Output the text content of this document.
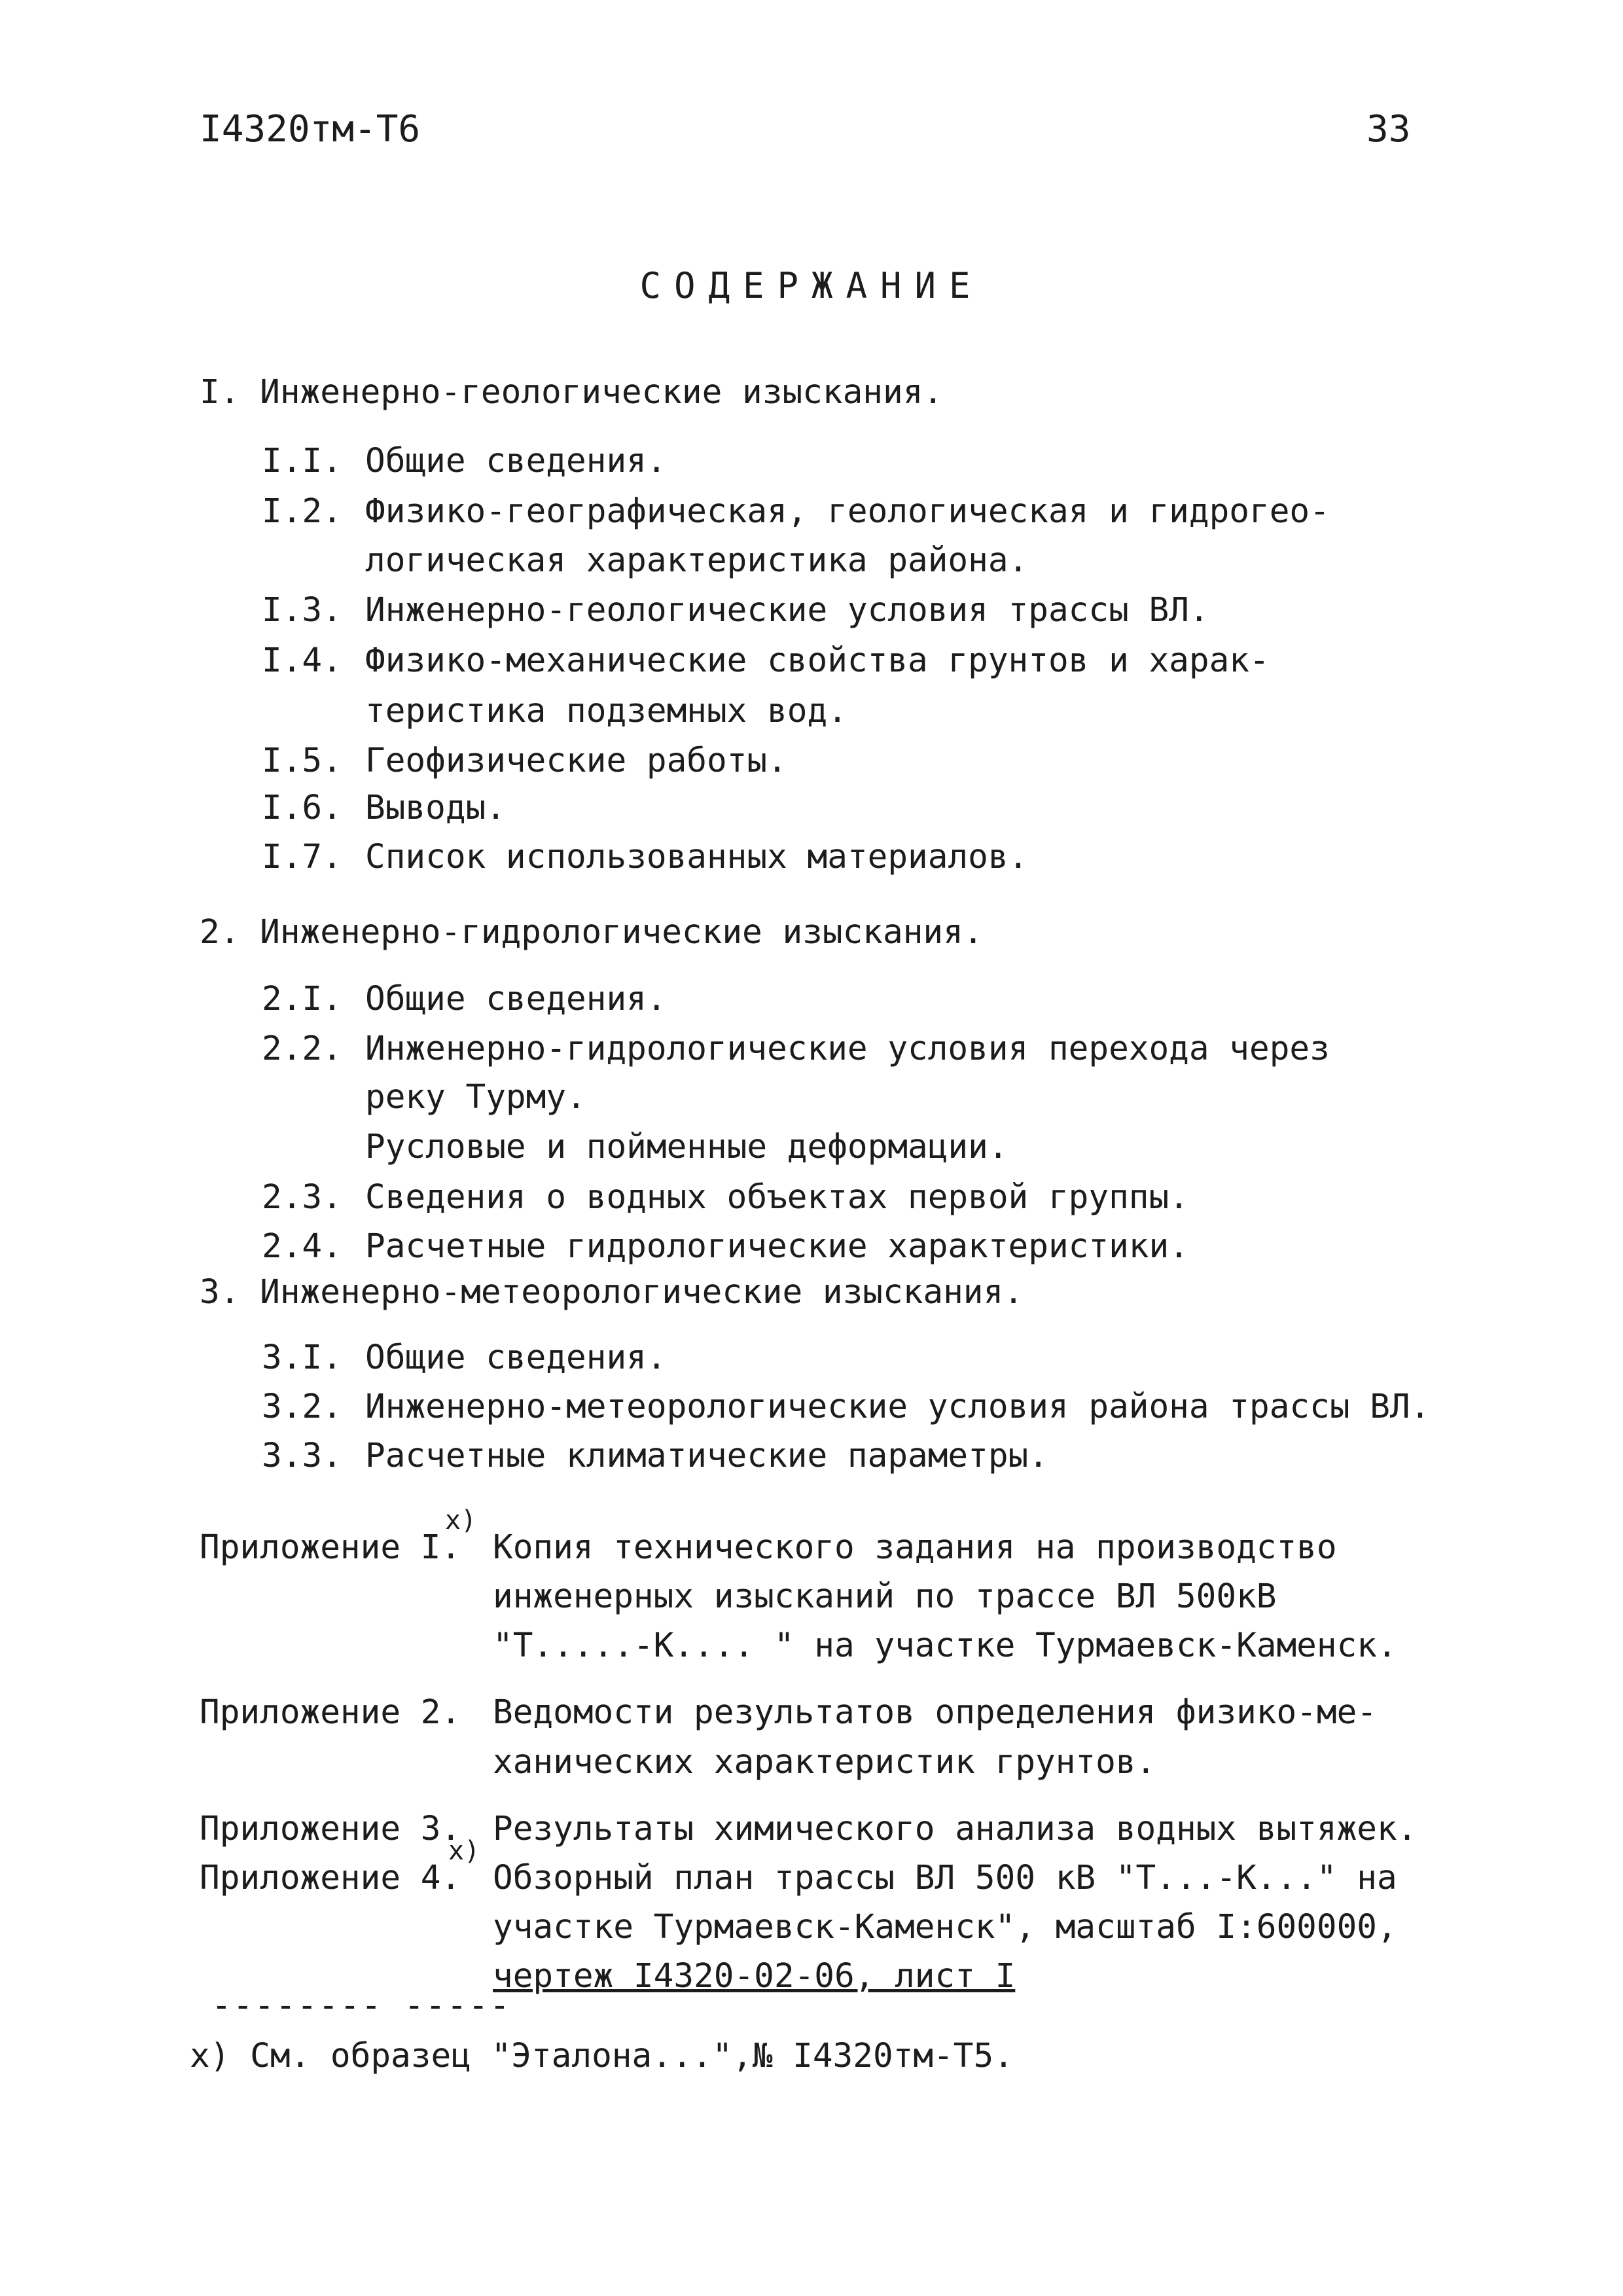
I4320тм-Т6	33
СОДЕРЖАНИЕ
I. Инженерно-геологические изыскания.
I.I. Общие сведения.
I.2. Физико-географическая, геологическая и гидрогео-
логическая характеристика района.
I.3. Инженерно-геологические условия трассы ВЛ.
I.4. Физико-механические свойства грунтов и харак-
теристика подземных вод.
I.5. Геофизические работы.
I.6. Выводы.
I.7. Список использованных материалов.
2. Инженерно-гидрологические изыскания.
2.I. Общие сведения.
2.2. Инженерно-гидрологические условия перехода через
реку Турму.
Русловые и пойменные деформации.
2.3. Сведения о водных объектах первой группы.
2.4. Расчетные гидрологические характеристики.
3. Инженерно-метеорологические изыскания.
3.I. Общие сведения.
3.2. Инженерно-метеорологические условия района трассы ВЛ.
3.3. Расчетные климатические параметры.
x)
Приложение I. Копия технического задания на производство
инженерных изысканий по трассе ВЛ 500кВ
"Т.....-К.... " на участке Турмаевск-Каменск.
Приложение 2. Ведомости результатов определения физико-ме-
ханических характеристик грунтов.
Приложение 3. Результаты химического анализа водных вытяжек.
x)
Приложение 4. Обзорный план трассы ВЛ 500 кВ "Т...-К..." на
участке Турмаевск-Каменск", масштаб I:600000,
чертеж I4320-02-06, лист I
-------- -----
x) См. образец "Эталона...",№ I4320тм-Т5.
